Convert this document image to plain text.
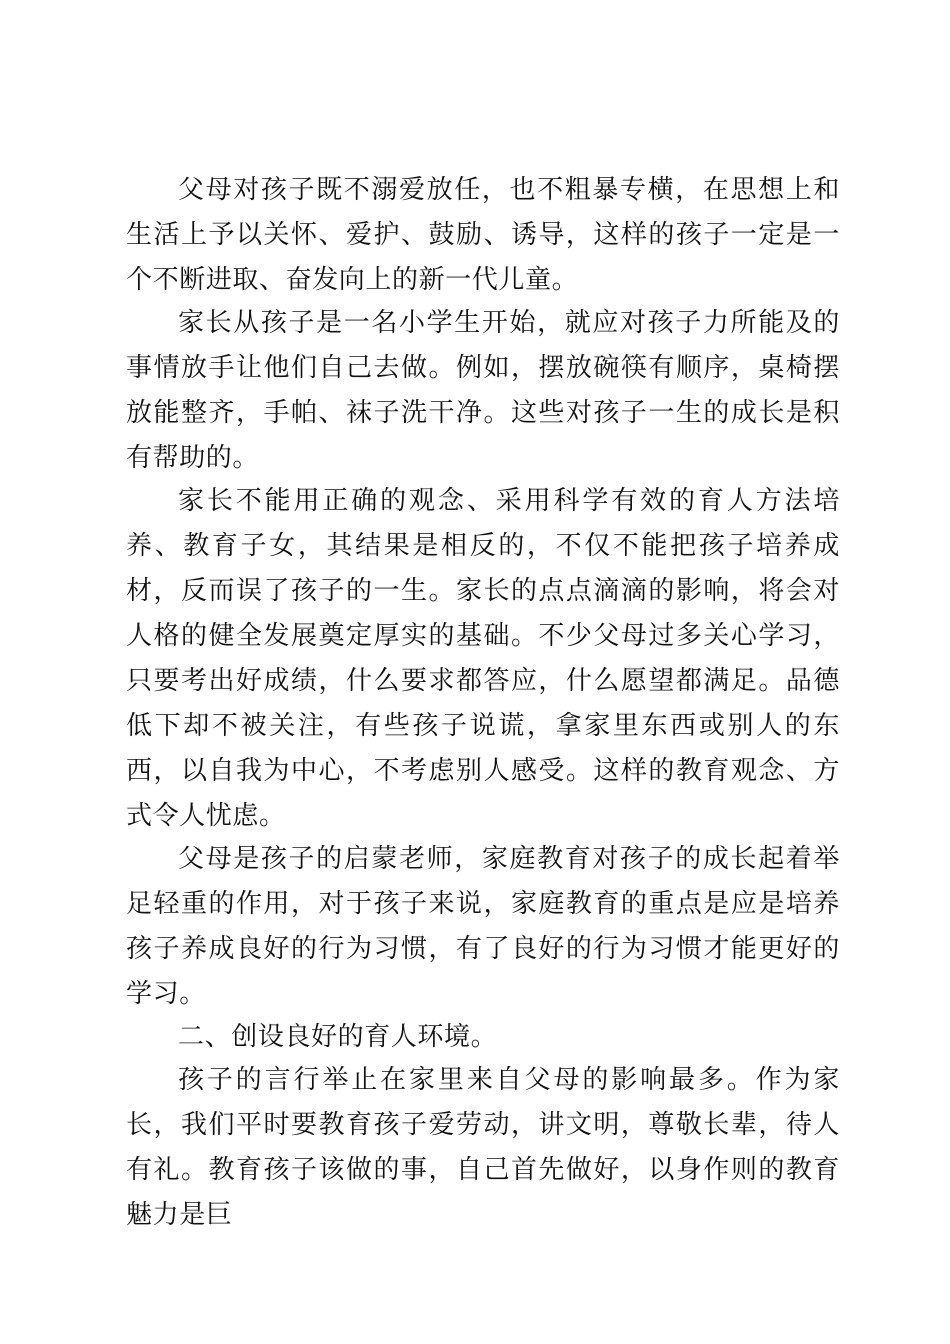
父母对孩子既不溺爱放任，也不粗暴专横，在思想上和生活上予以关怀、爱护、鼓励、诱导，这样的孩子一定是一个不断进取、奋发向上的新一代儿童。

家长从孩子是一名小学生开始，就应对孩子力所能及的事情放手让他们自己去做。例如，摆放碗筷有顺序，桌椅摆放能整齐，手帕、袜子洗干净。这些对孩子一生的成长是积有帮助的。

家长不能用正确的观念、采用科学有效的育人方法培养、教育子女，其结果是相反的，不仅不能把孩子培养成材，反而误了孩子的一生。家长的点点滴滴的影响，将会对人格的健全发展奠定厚实的基础。不少父母过多关心学习，只要考出好成绩，什么要求都答应，什么愿望都满足。品德低下却不被关注，有些孩子说谎，拿家里东西或别人的东西，以自我为中心，不考虑别人感受。这样的教育观念、方式令人忧虑。

父母是孩子的启蒙老师，家庭教育对孩子的成长起着举足轻重的作用，对于孩子来说，家庭教育的重点是应是培养孩子养成良好的行为习惯，有了良好的行为习惯才能更好的学习。

二、创设良好的育人环境。

孩子的言行举止在家里来自父母的影响最多。作为家长，我们平时要教育孩子爱劳动，讲文明，尊敬长辈，待人有礼。教育孩子该做的事，自己首先做好，以身作则的教育魅力是巨
